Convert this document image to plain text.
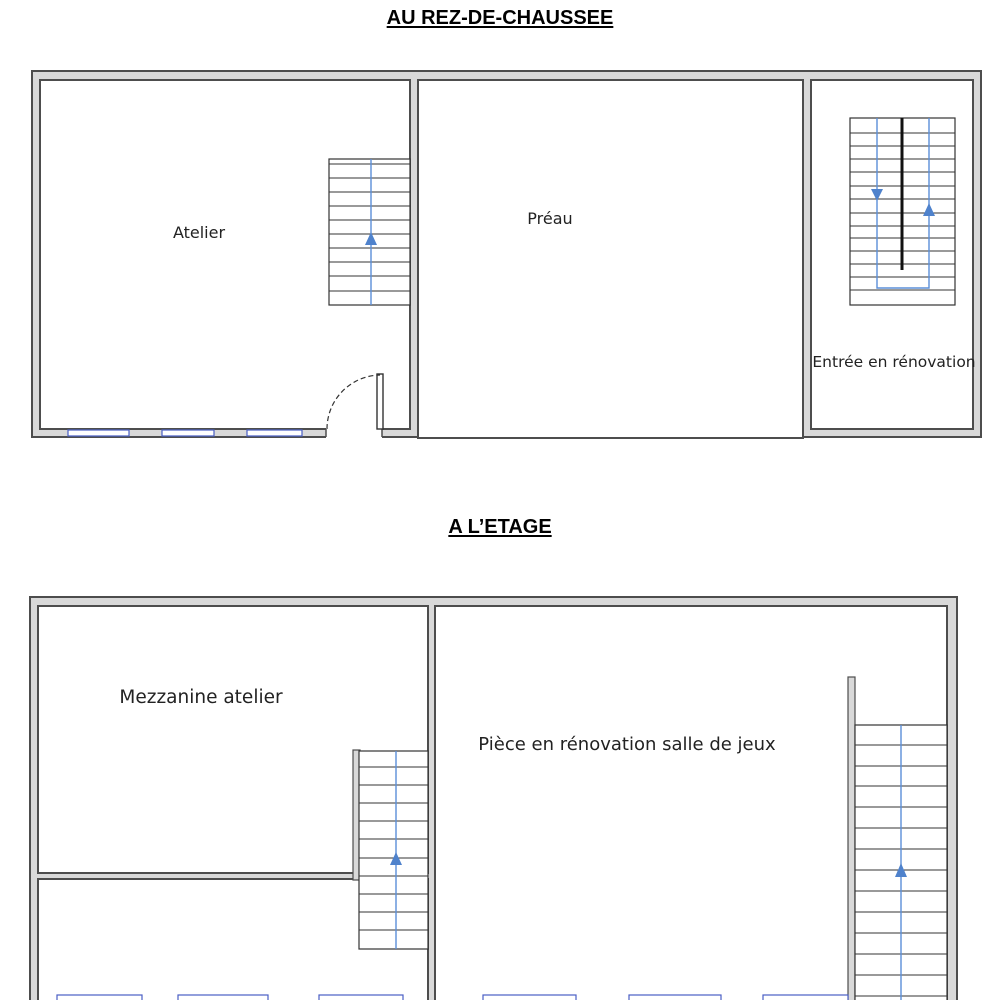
AU REZ-DE-CHAUSSEE
A L’ETAGE
Atelier
Préau
Entrée en rénovation
Mezzanine atelier
Pièce en rénovation salle de jeux
